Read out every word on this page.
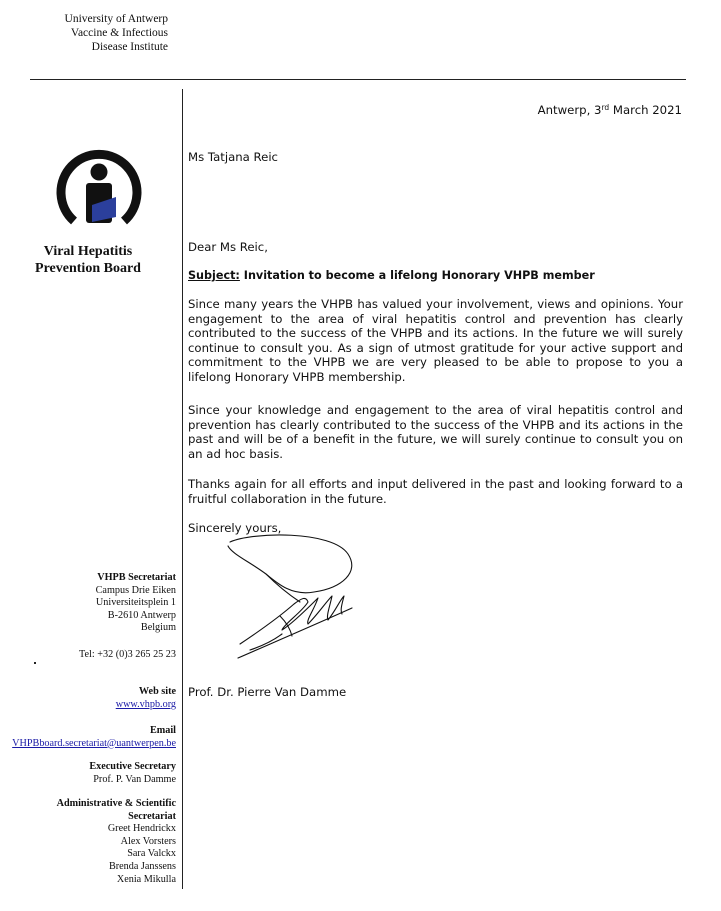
University of Antwerp
Vaccine & Infectious
Disease Institute
Viral Hepatitis
Prevention Board
VHPB Secretariat
Campus Drie Eiken
Universiteitsplein 1
B-2610 Antwerp
Belgium
Tel: +32 (0)3 265 25 23
Web site
www.vhpb.org
Email
VHPBboard.secretariat@uantwerpen.be
Executive Secretary
Prof. P. Van Damme
Administrative & Scientific
Secretariat
Greet Hendrickx
Alex Vorsters
Sara Valckx
Brenda Janssens
Xenia Mikulla
Antwerp, 3rd March 2021
Ms Tatjana Reic
Dear Ms Reic,
Subject: Invitation to become a lifelong Honorary VHPB member
Since many years the VHPB has valued your involvement, views and opinions. Your engagement to the area of viral hepatitis control and prevention has clearly contributed to the success of the VHPB and its actions. In the future we will surely continue to consult you. As a sign of utmost gratitude for your active support and commitment to the VHPB we are very pleased to be able to propose to you a lifelong Honorary VHPB membership.
Since your knowledge and engagement to the area of viral hepatitis control and prevention has clearly contributed to the success of the VHPB and its actions in the past and will be of a benefit in the future, we will surely continue to consult you on an ad hoc basis.
Thanks again for all efforts and input delivered in the past and looking forward to a fruitful collaboration in the future.
Sincerely yours,
Prof. Dr. Pierre Van Damme
